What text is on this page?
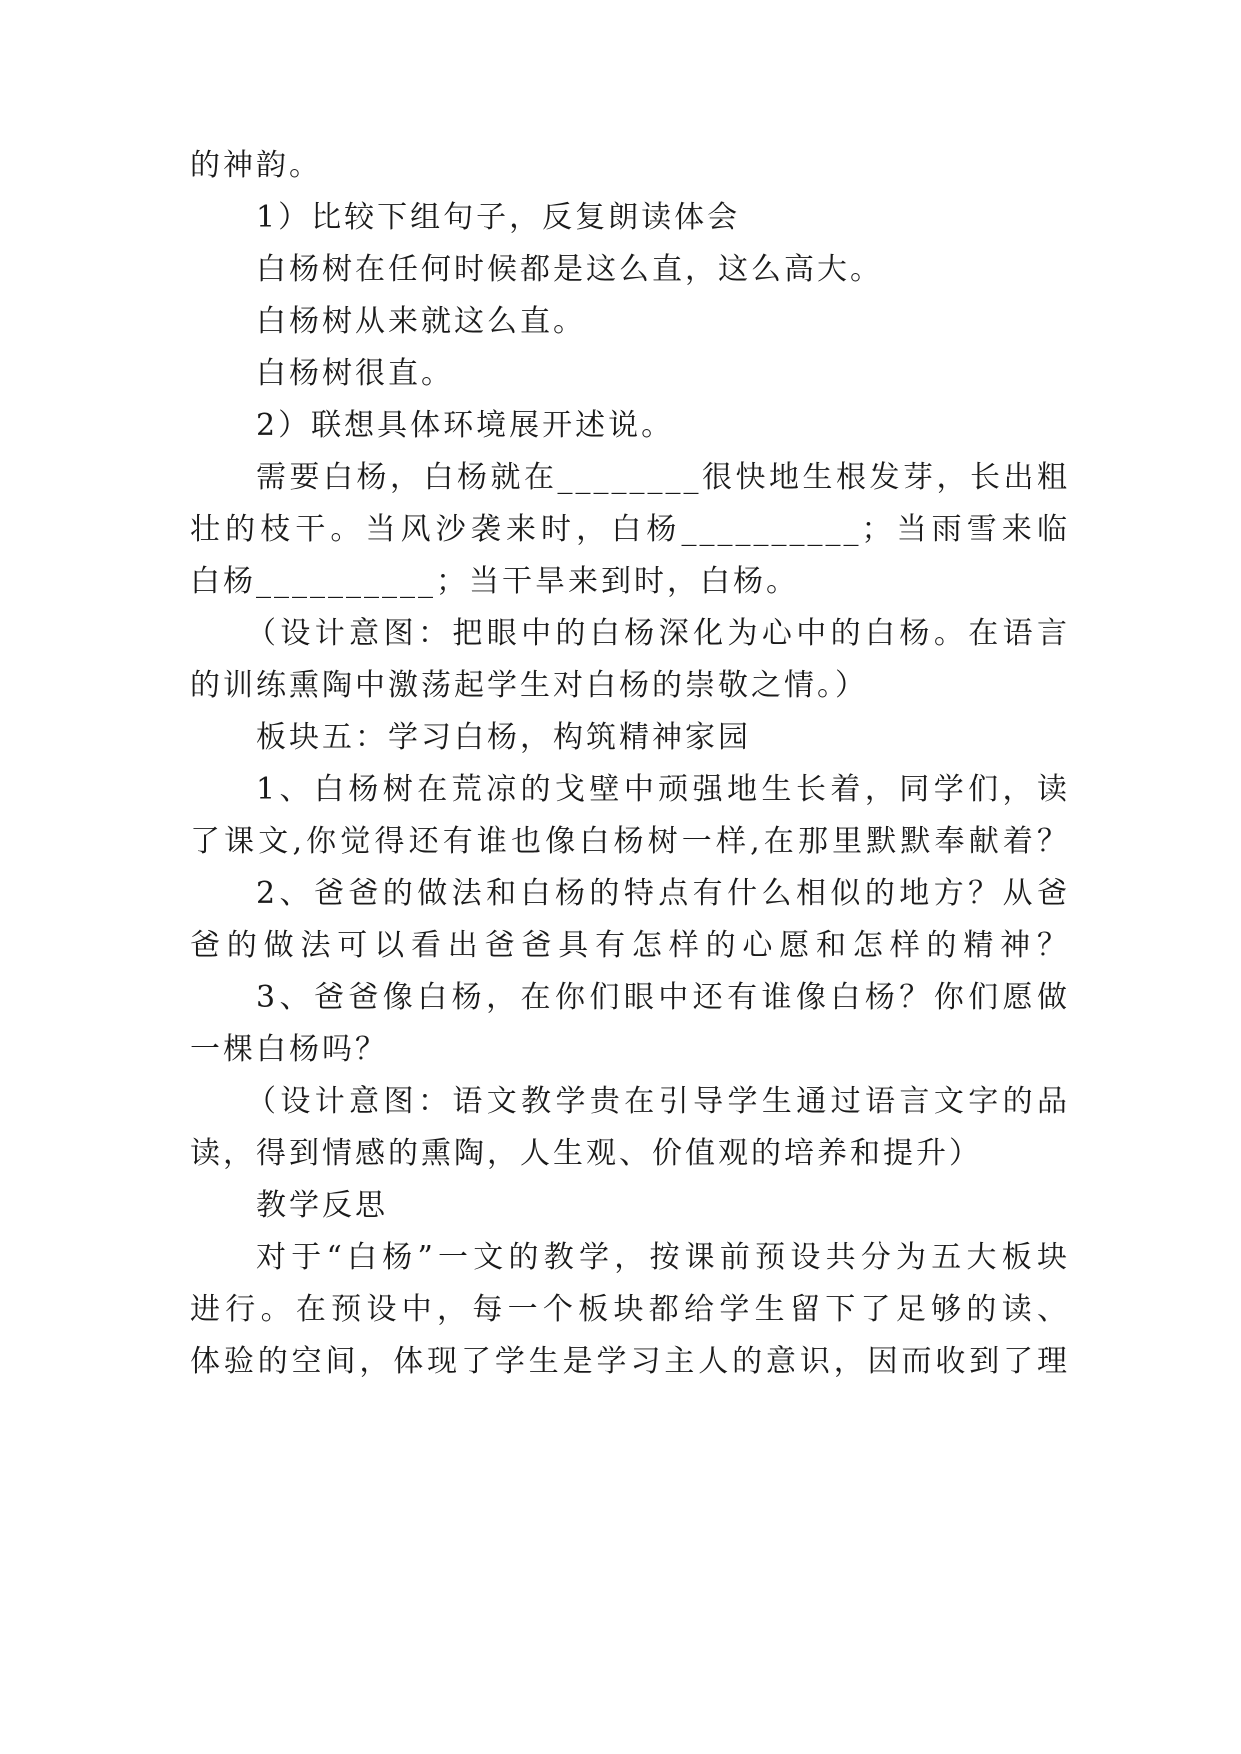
的神韵。
1）比较下组句子，反复朗读体会
白杨树在任何时候都是这么直，这么高大。
白杨树从来就这么直。
白杨树很直。
2）联想具体环境展开述说。
需要白杨，白杨就在________很快地生根发芽，长出粗
壮的枝干。当风沙袭来时，白杨__________；当雨雪来临
白杨__________；当干旱来到时，白杨。
（设计意图：把眼中的白杨深化为心中的白杨。在语言
的训练熏陶中激荡起学生对白杨的崇敬之情。）
板块五：学习白杨，构筑精神家园
1、白杨树在荒凉的戈壁中顽强地生长着，同学们，读
了课文,你觉得还有谁也像白杨树一样,在那里默默奉献着？
2、爸爸的做法和白杨的特点有什么相似的地方？从爸
爸的做法可以看出爸爸具有怎样的心愿和怎样的精神？
3、爸爸像白杨，在你们眼中还有谁像白杨？你们愿做
一棵白杨吗？
（设计意图：语文教学贵在引导学生通过语言文字的品
读，得到情感的熏陶，人生观、价值观的培养和提升）
教学反思
对于“白杨”一文的教学，按课前预设共分为五大板块
进行。在预设中，每一个板块都给学生留下了足够的读、
体验的空间，体现了学生是学习主人的意识，因而收到了理
